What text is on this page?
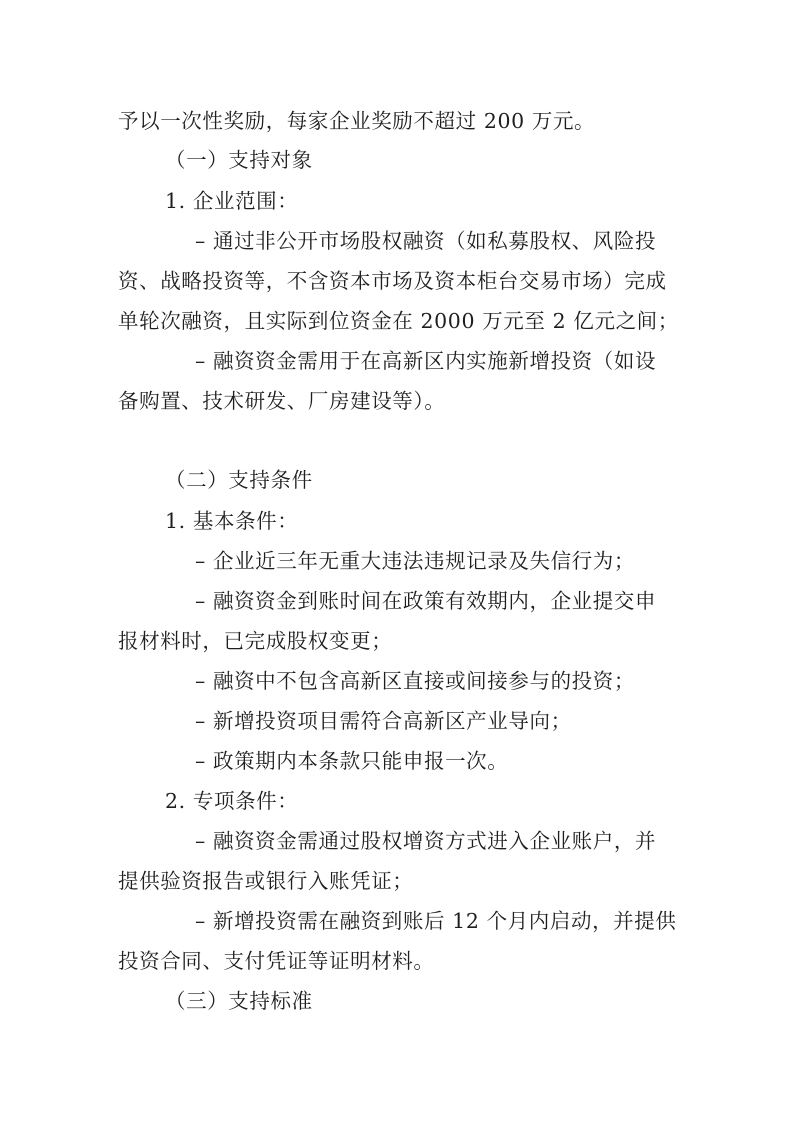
予以一次性奖励，每家企业奖励不超过 200 万元。
（一）支持对象
1. 企业范围：
– 通过非公开市场股权融资（如私募股权、风险投
资、战略投资等，不含资本市场及资本柜台交易市场）完成
单轮次融资，且实际到位资金在 2000 万元至 2 亿元之间；
– 融资资金需用于在高新区内实施新增投资（如设
备购置、技术研发、厂房建设等）。
（二）支持条件
1. 基本条件：
– 企业近三年无重大违法违规记录及失信行为；
– 融资资金到账时间在政策有效期内，企业提交申
报材料时，已完成股权变更；
– 融资中不包含高新区直接或间接参与的投资；
– 新增投资项目需符合高新区产业导向；
– 政策期内本条款只能申报一次。
2. 专项条件：
– 融资资金需通过股权增资方式进入企业账户，并
提供验资报告或银行入账凭证；
– 新增投资需在融资到账后 12 个月内启动，并提供
投资合同、支付凭证等证明材料。
（三）支持标准
